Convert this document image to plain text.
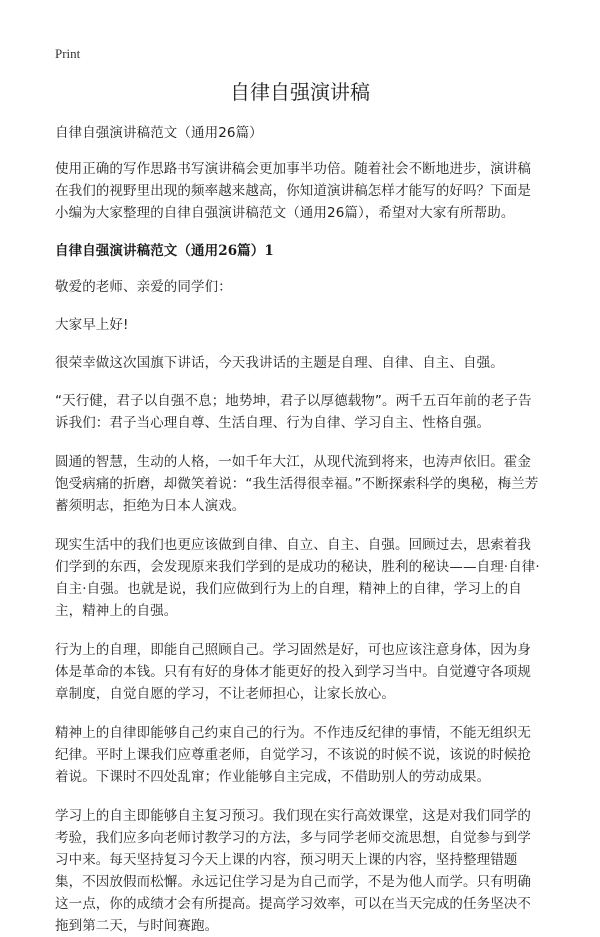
Print
自律自强演讲稿

自律自强演讲稿范文（通用26篇）

使用正确的写作思路书写演讲稿会更加事半功倍。随着社会不断地进步，演讲稿在我们的视野里出现的频率越来越高，你知道演讲稿怎样才能写的好吗？下面是小编为大家整理的自律自强演讲稿范文（通用26篇），希望对大家有所帮助。

自律自强演讲稿范文（通用26篇）1

敬爱的老师、亲爱的同学们：

大家早上好!

很荣幸做这次国旗下讲话，今天我讲话的主题是自理、自律、自主、自强。

“天行健，君子以自强不息；地势坤，君子以厚德载物”。两千五百年前的老子告诉我们：君子当心理自尊、生活自理、行为自律、学习自主、性格自强。

圆通的智慧，生动的人格，一如千年大江，从现代流到将来，也涛声依旧。霍金饱受病痛的折磨，却微笑着说：“我生活得很幸福。”不断探索科学的奥秘，梅兰芳蓄须明志，拒绝为日本人演戏。

现实生活中的我们也更应该做到自律、自立、自主、自强。回顾过去，思索着我们学到的东西，会发现原来我们学到的是成功的秘诀，胜利的秘诀——自理·自律·自主·自强。也就是说，我们应做到行为上的自理，精神上的自律，学习上的自主，精神上的自强。

行为上的自理，即能自己照顾自己。学习固然是好，可也应该注意身体，因为身体是革命的本钱。只有有好的身体才能更好的投入到学习当中。自觉遵守各项规章制度，自觉自愿的学习，不让老师担心，让家长放心。

精神上的自律即能够自己约束自己的行为。不作违反纪律的事情，不能无组织无纪律。平时上课我们应尊重老师，自觉学习，不该说的时候不说，该说的时候抢着说。下课时不四处乱窜；作业能够自主完成，不借助别人的劳动成果。

学习上的自主即能够自主复习预习。我们现在实行高效课堂，这是对我们同学的考验，我们应多向老师讨教学习的方法，多与同学老师交流思想，自觉参与到学习中来。每天坚持复习今天上课的内容，预习明天上课的内容，坚持整理错题集，不因放假而松懈。永远记住学习是为自己而学，不是为他人而学。只有明确这一点，你的成绩才会有所提高。提高学习效率，可以在当天完成的任务坚决不拖到第二天，与时间赛跑。
